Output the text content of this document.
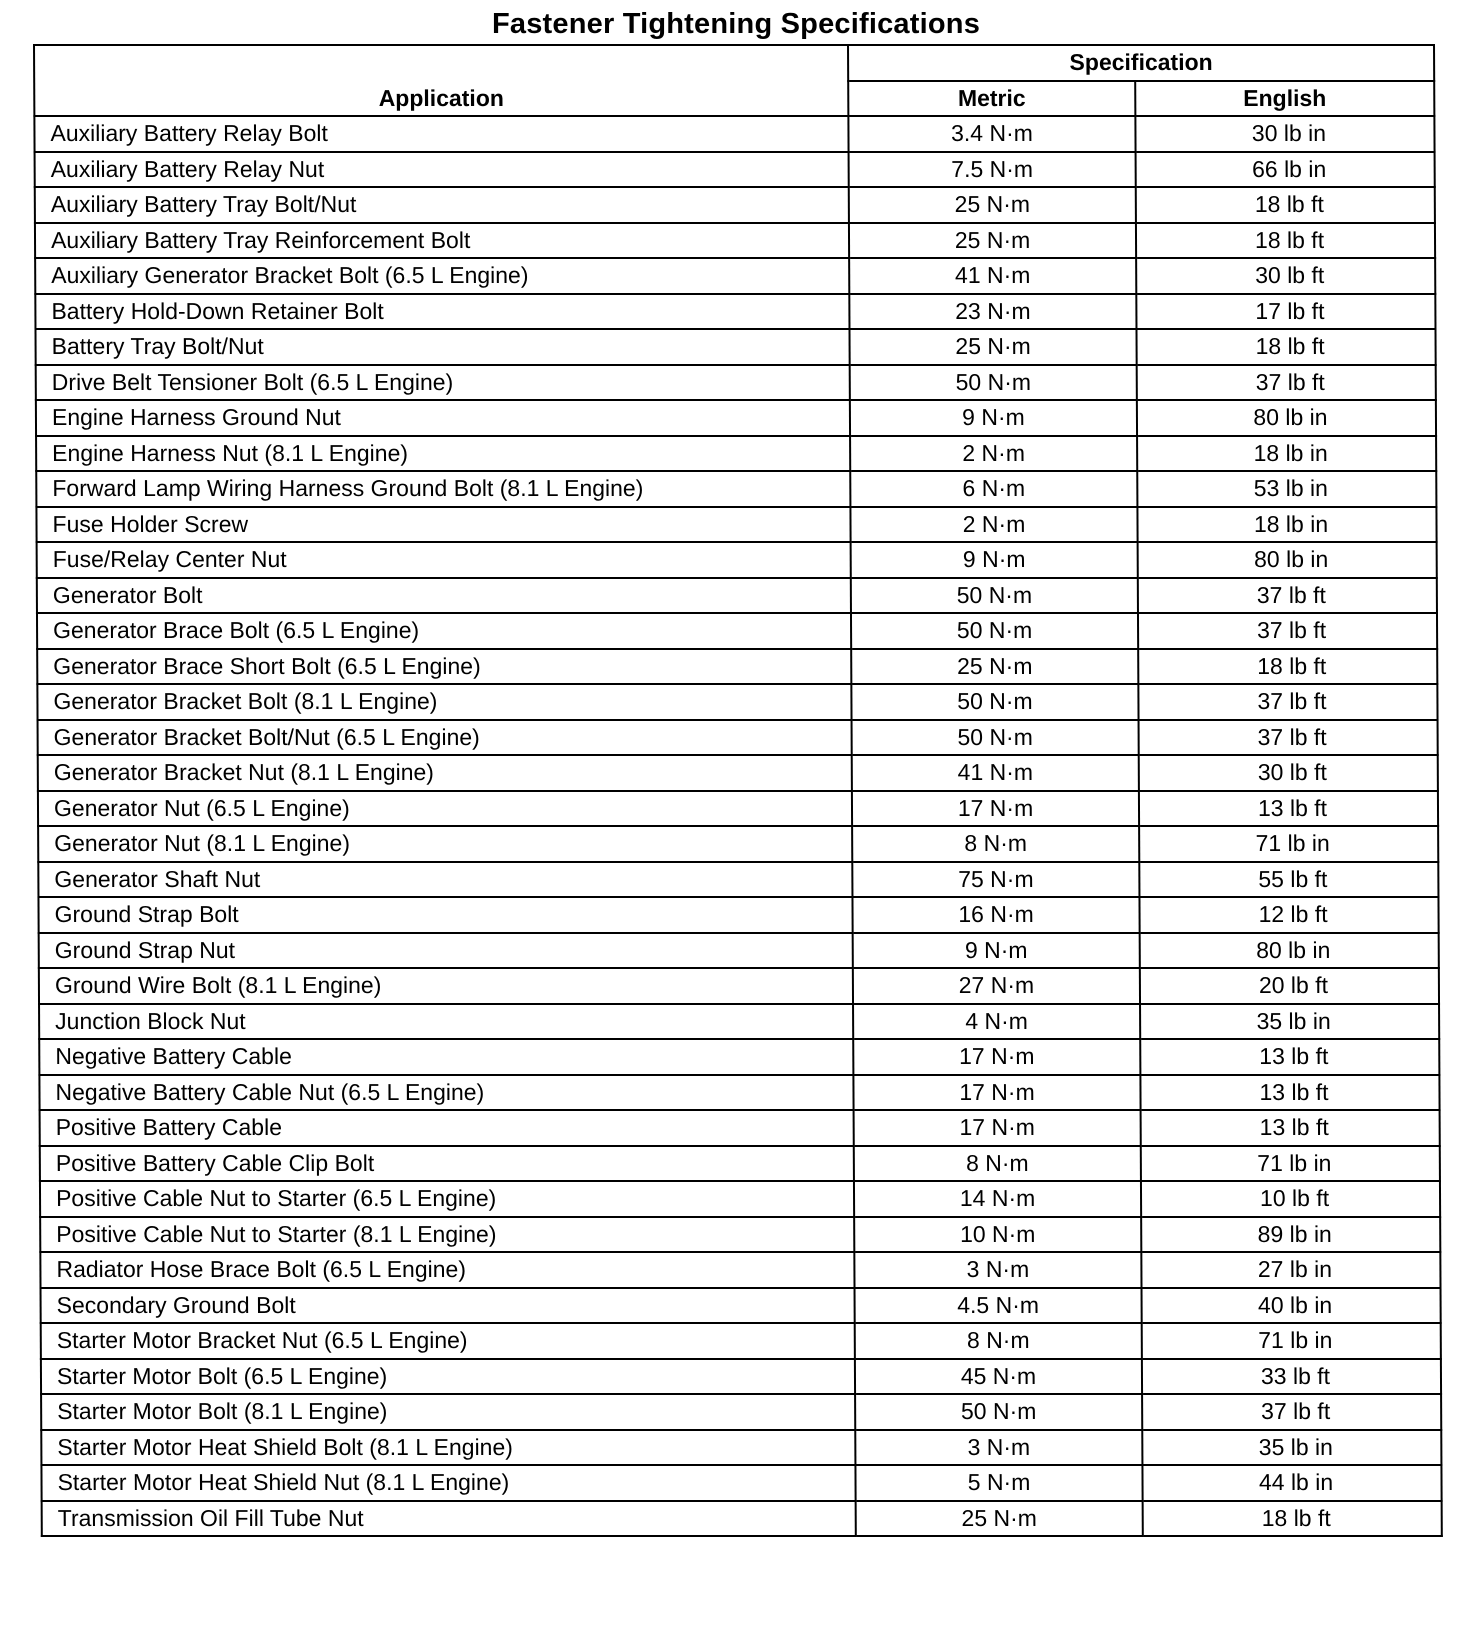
Fastener Tightening Specifications
Application	Specification	
	Metric	English
Auxiliary Battery Relay Bolt	3.4 N·m	30 lb in
Auxiliary Battery Relay Nut	7.5 N·m	66 lb in
Auxiliary Battery Tray Bolt/Nut	25 N·m	18 lb ft
Auxiliary Battery Tray Reinforcement Bolt	25 N·m	18 lb ft
Auxiliary Generator Bracket Bolt (6.5 L Engine)	41 N·m	30 lb ft
Battery Hold-Down Retainer Bolt	23 N·m	17 lb ft
Battery Tray Bolt/Nut	25 N·m	18 lb ft
Drive Belt Tensioner Bolt (6.5 L Engine)	50 N·m	37 lb ft
Engine Harness Ground Nut	9 N·m	80 lb in
Engine Harness Nut (8.1 L Engine)	2 N·m	18 lb in
Forward Lamp Wiring Harness Ground Bolt (8.1 L Engine)	6 N·m	53 lb in
Fuse Holder Screw	2 N·m	18 lb in
Fuse/Relay Center Nut	9 N·m	80 lb in
Generator Bolt	50 N·m	37 lb ft
Generator Brace Bolt (6.5 L Engine)	50 N·m	37 lb ft
Generator Brace Short Bolt (6.5 L Engine)	25 N·m	18 lb ft
Generator Bracket Bolt (8.1 L Engine)	50 N·m	37 lb ft
Generator Bracket Bolt/Nut (6.5 L Engine)	50 N·m	37 lb ft
Generator Bracket Nut (8.1 L Engine)	41 N·m	30 lb ft
Generator Nut (6.5 L Engine)	17 N·m	13 lb ft
Generator Nut (8.1 L Engine)	8 N·m	71 lb in
Generator Shaft Nut	75 N·m	55 lb ft
Ground Strap Bolt	16 N·m	12 lb ft
Ground Strap Nut	9 N·m	80 lb in
Ground Wire Bolt (8.1 L Engine)	27 N·m	20 lb ft
Junction Block Nut	4 N·m	35 lb in
Negative Battery Cable	17 N·m	13 lb ft
Negative Battery Cable Nut (6.5 L Engine)	17 N·m	13 lb ft
Positive Battery Cable	17 N·m	13 lb ft
Positive Battery Cable Clip Bolt	8 N·m	71 lb in
Positive Cable Nut to Starter (6.5 L Engine)	14 N·m	10 lb ft
Positive Cable Nut to Starter (8.1 L Engine)	10 N·m	89 lb in
Radiator Hose Brace Bolt (6.5 L Engine)	3 N·m	27 lb in
Secondary Ground Bolt	4.5 N·m	40 lb in
Starter Motor Bracket Nut (6.5 L Engine)	8 N·m	71 lb in
Starter Motor Bolt (6.5 L Engine)	45 N·m	33 lb ft
Starter Motor Bolt (8.1 L Engine)	50 N·m	37 lb ft
Starter Motor Heat Shield Bolt (8.1 L Engine)	3 N·m	35 lb in
Starter Motor Heat Shield Nut (8.1 L Engine)	5 N·m	44 lb in
Transmission Oil Fill Tube Nut	25 N·m	18 lb ft
